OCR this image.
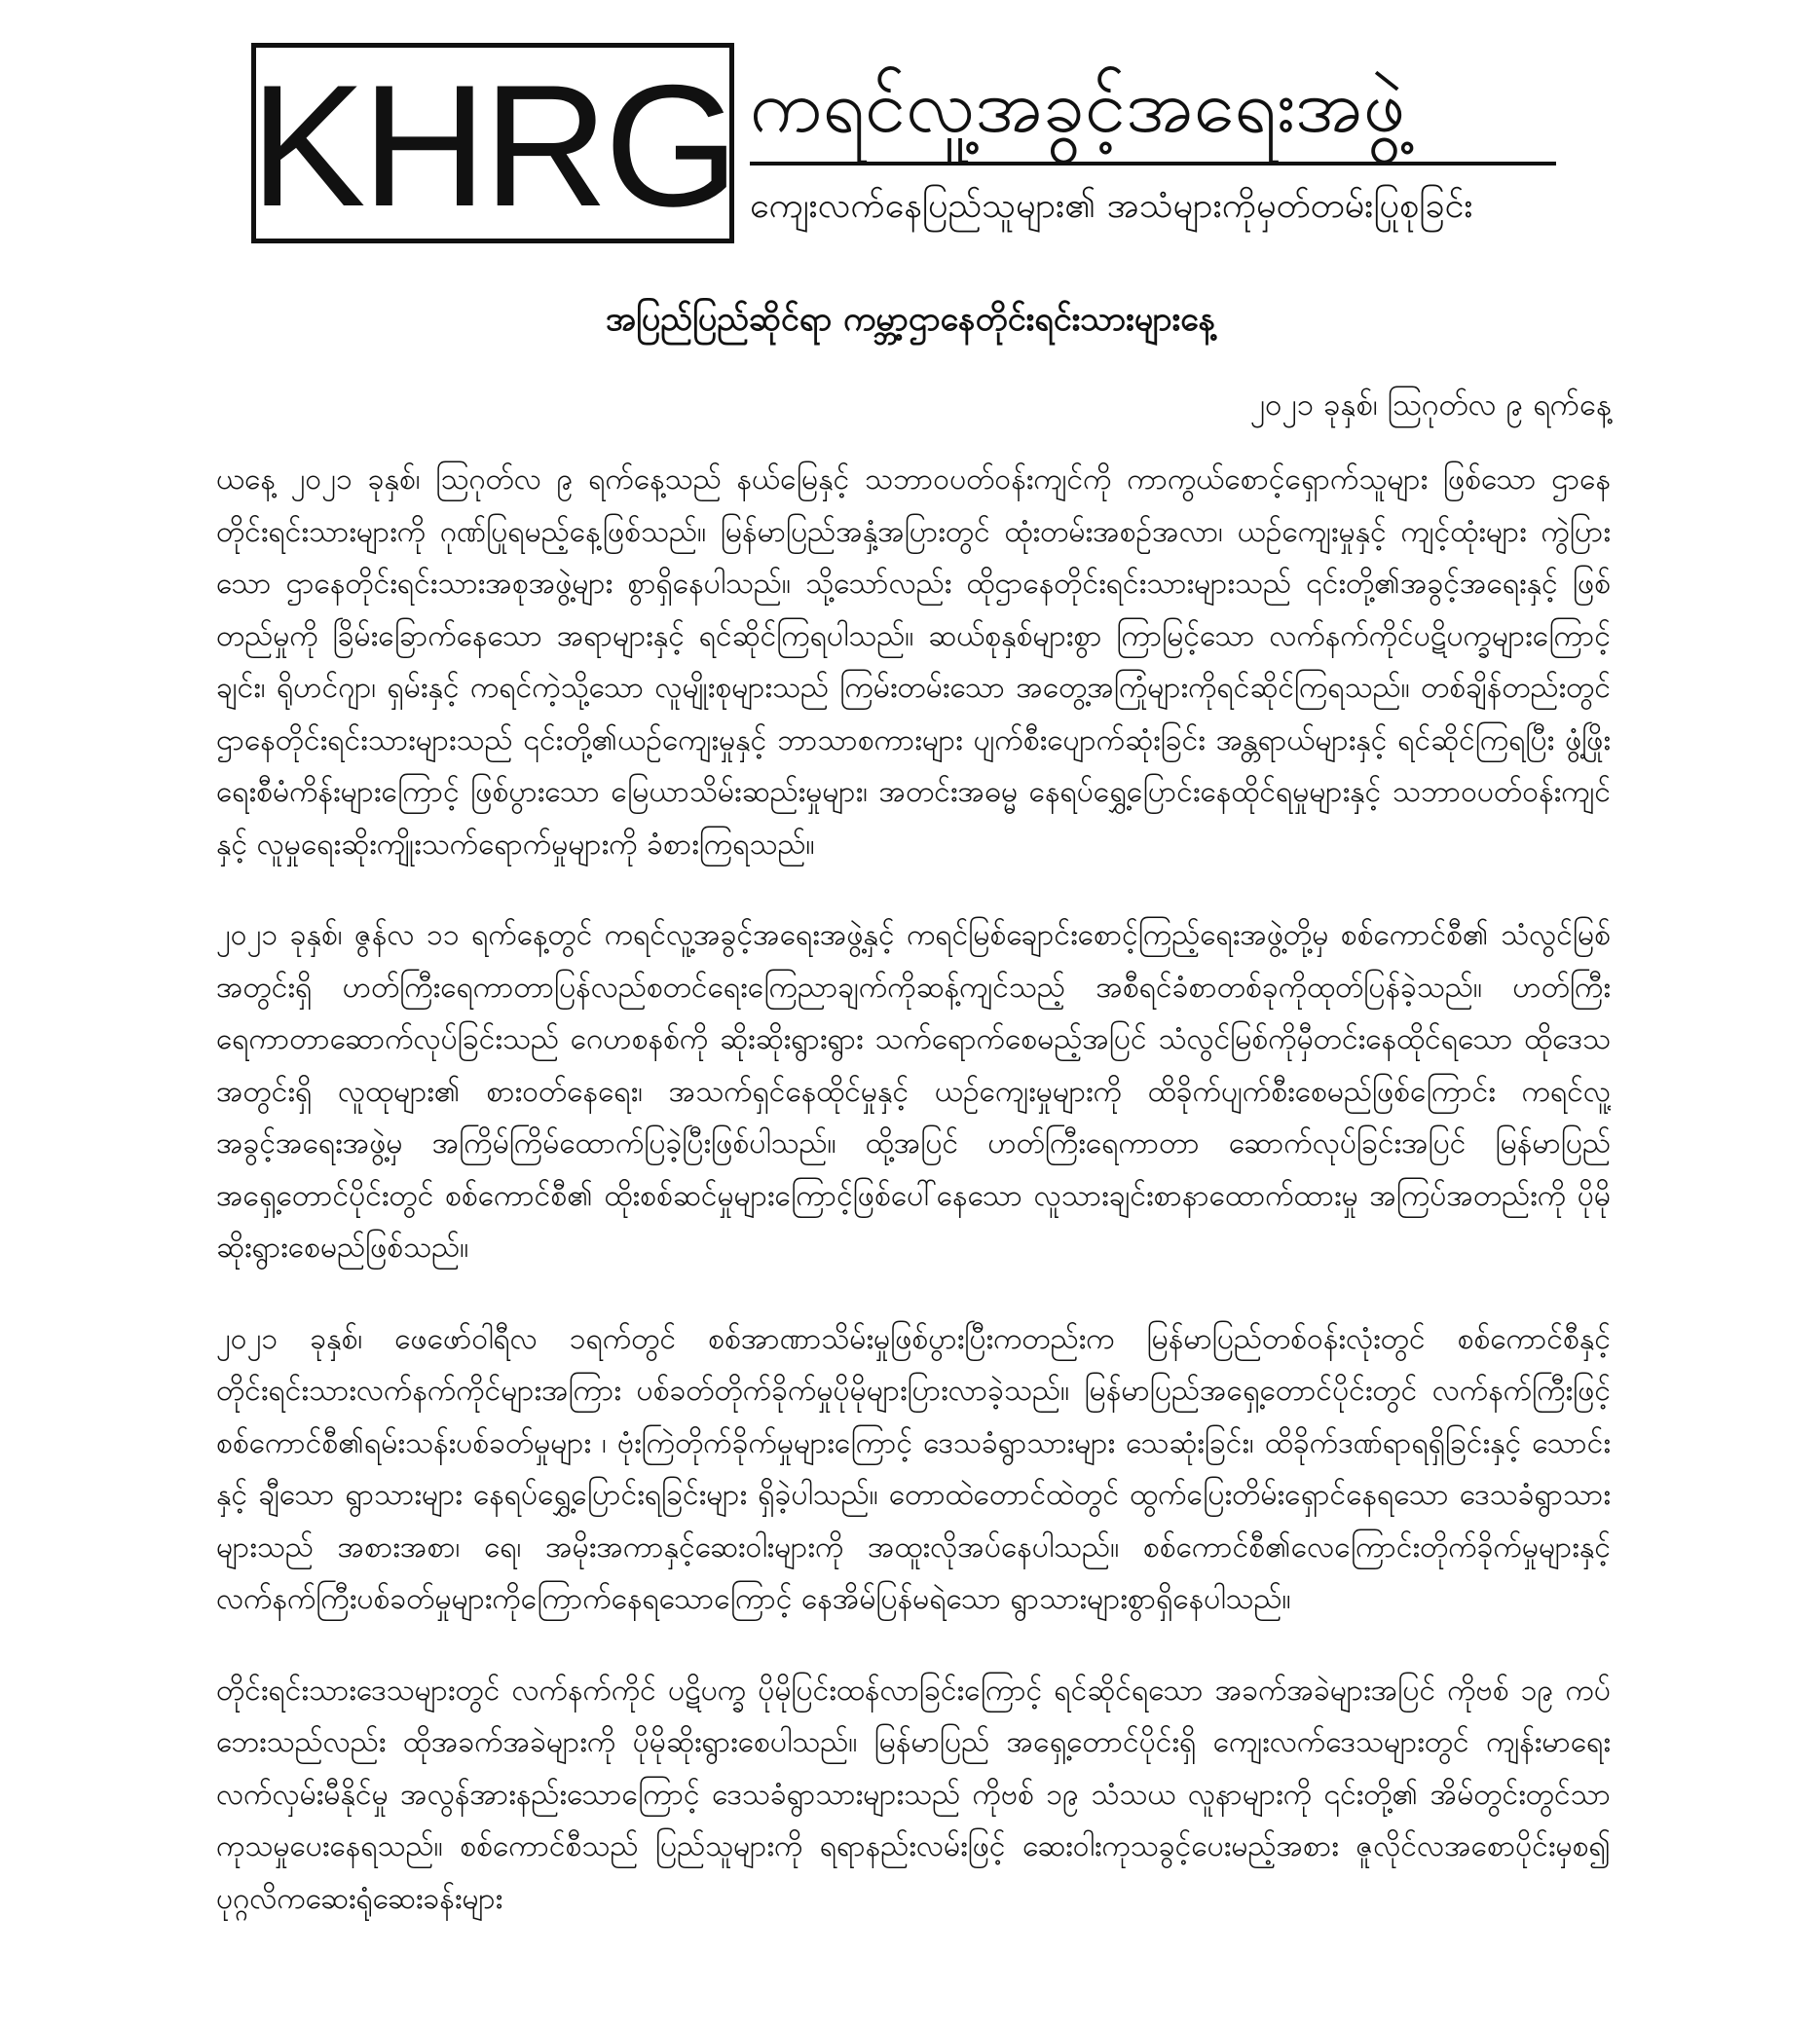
KHRG ကရင်လူ့အခွင့်အရေးအဖွဲ့
ကျေးလက်နေပြည်သူများ၏ အသံများကိုမှတ်တမ်းပြုစုခြင်း
အပြည်ပြည်ဆိုင်ရာ ကမ္ဘာ့ဌာနေတိုင်းရင်းသားများနေ့
၂၀၂၁ ခုနှစ်၊ ဩဂုတ်လ ၉ ရက်နေ့

ယနေ့ ၂၀၂၁ ခုနှစ်၊ ဩဂုတ်လ ၉ ရက်နေ့သည် နယ်မြေနှင့် သဘာဝပတ်ဝန်းကျင်ကို ကာကွယ်စောင့်ရှောက်သူများ ဖြစ်သော ဌာနေတိုင်းရင်းသားများကို ဂုဏ်ပြုရမည့်နေ့ဖြစ်သည်။ မြန်မာပြည်အနှံ့အပြားတွင် ထုံးတမ်းအစဉ်အလာ၊ ယဉ်ကျေးမှုနှင့် ကျင့်ထုံးများ ကွဲပြားသော ဌာနေတိုင်းရင်းသားအစုအဖွဲ့များ စွာရှိနေပါသည်။ သို့သော်လည်း ထိုဌာနေတိုင်းရင်းသားများသည် ၎င်းတို့၏အခွင့်အရေးနှင့် ဖြစ်တည်မှုကို ခြိမ်းခြောက်နေသော အရာများနှင့် ရင်ဆိုင်ကြရပါသည်။ ဆယ်စုနှစ်များစွာ ကြာမြင့်သော လက်နက်ကိုင်ပဋိပက္ခများကြောင့် ချင်း၊ ရိုဟင်ဂျာ၊ ရှမ်းနှင့် ကရင်ကဲ့သို့သော လူမျိုးစုများသည် ကြမ်းတမ်းသော အတွေ့အကြုံများကိုရင်ဆိုင်ကြရသည်။ တစ်ချိန်တည်းတွင် ဌာနေတိုင်းရင်းသားများသည် ၎င်းတို့၏ယဉ်ကျေးမှုနှင့် ဘာသာစကားများ ပျက်စီးပျောက်ဆုံးခြင်း အန္တရာယ်များနှင့် ရင်ဆိုင်ကြရပြီး ဖွံ့ဖြိုးရေးစီမံကိန်းများကြောင့် ဖြစ်ပွားသော မြေယာသိမ်းဆည်းမှုများ၊ အတင်းအဓမ္မ နေရပ်ရွှေ့ပြောင်းနေထိုင်ရမှုများနှင့် သဘာဝပတ်ဝန်းကျင်နှင့် လူမှုရေးဆိုးကျိုးသက်ရောက်မှုများကို ခံစားကြရသည်။

၂၀၂၁ ခုနှစ်၊ ဇွန်လ ၁၁ ရက်နေ့တွင် ကရင်လူ့အခွင့်အရေးအဖွဲ့နှင့် ကရင်မြစ်ချောင်းစောင့်ကြည့်ရေးအဖွဲ့တို့မှ စစ်ကောင်စီ၏ သံလွင်မြစ်အတွင်းရှိ ဟတ်ကြီးရေကာတာပြန်လည်စတင်ရေးကြေညာချက်ကိုဆန့်ကျင်သည့် အစီရင်ခံစာတစ်ခုကိုထုတ်ပြန်ခဲ့သည်။ ဟတ်ကြီးရေကာတာဆောက်လုပ်ခြင်းသည် ဂေဟစနစ်ကို ဆိုးဆိုးရွားရွား သက်ရောက်စေမည့်အပြင် သံလွင်မြစ်ကိုမှီတင်းနေထိုင်ရသော ထိုဒေသအတွင်းရှိ လူထုများ၏ စားဝတ်နေရေး၊ အသက်ရှင်နေထိုင်မှုနှင့် ယဉ်ကျေးမှုများကို ထိခိုက်ပျက်စီးစေမည်ဖြစ်ကြောင်း ကရင်လူ့အခွင့်အရေးအဖွဲ့မှ အကြိမ်ကြိမ်ထောက်ပြခဲ့ပြီးဖြစ်ပါသည်။ ထို့အပြင် ဟတ်ကြီးရေကာတာ ဆောက်လုပ်ခြင်းအပြင် မြန်မာပြည်အရှေ့တောင်ပိုင်းတွင် စစ်ကောင်စီ၏ ထိုးစစ်ဆင်မှုများကြောင့်ဖြစ်ပေါ်နေသော လူသားချင်းစာနာထောက်ထားမှု အကြပ်အတည်းကို ပိုမိုဆိုးရွားစေမည်ဖြစ်သည်။

၂၀၂၁ ခုနှစ်၊ ဖေဖော်ဝါရီလ ၁ရက်တွင် စစ်အာဏာသိမ်းမှုဖြစ်ပွားပြီးကတည်းက မြန်မာပြည်တစ်ဝန်းလုံးတွင် စစ်ကောင်စီနှင့် တိုင်းရင်းသားလက်နက်ကိုင်များအကြား ပစ်ခတ်တိုက်ခိုက်မှုပိုမိုများပြားလာခဲ့သည်။ မြန်မာပြည်အရှေ့တောင်ပိုင်းတွင် လက်နက်ကြီးဖြင့် စစ်ကောင်စီ၏ရမ်းသန်းပစ်ခတ်မှုများ ၊ ဗုံးကြဲတိုက်ခိုက်မှုများကြောင့် ဒေသခံရွာသားများ သေဆုံးခြင်း၊ ထိခိုက်ဒဏ်ရာရရှိခြင်းနှင့် သောင်းနှင့် ချီသော ရွာသားများ နေရပ်ရွှေ့ပြောင်းရခြင်းများ ရှိခဲ့ပါသည်။ တောထဲတောင်ထဲတွင် ထွက်ပြေးတိမ်းရှောင်နေရသော ဒေသခံရွာသားများသည် အစားအစာ၊ ရေ၊ အမိုးအကာနှင့်ဆေးဝါးများကို အထူးလိုအပ်နေပါသည်။ စစ်ကောင်စီ၏လေကြောင်းတိုက်ခိုက်မှုများနှင့် လက်နက်ကြီးပစ်ခတ်မှုများကိုကြောက်နေရသောကြောင့် နေအိမ်ပြန်မရဲသော ရွာသားများစွာရှိနေပါသည်။

တိုင်းရင်းသားဒေသများတွင် လက်နက်ကိုင် ပဋိပက္ခ ပိုမိုပြင်းထန်လာခြင်းကြောင့် ရင်ဆိုင်ရသော အခက်အခဲများအပြင် ကိုဗစ် ၁၉ ကပ်ဘေးသည်လည်း ထိုအခက်အခဲများကို ပိုမိုဆိုးရွားစေပါသည်။ မြန်မာပြည် အရှေ့တောင်ပိုင်းရှိ ကျေးလက်ဒေသများတွင် ကျန်းမာရေးလက်လှမ်းမီနိုင်မှု အလွန်အားနည်းသောကြောင့် ဒေသခံရွာသားများသည် ကိုဗစ် ၁၉ သံသယ လူနာများကို ၎င်းတို့၏ အိမ်တွင်းတွင်သာ ကုသမှုပေးနေရသည်။ စစ်ကောင်စီသည် ပြည်သူများကို ရရာနည်းလမ်းဖြင့် ဆေးဝါးကုသခွင့်ပေးမည့်အစား ဇူလိုင်လအစောပိုင်းမှစ၍ ပုဂ္ဂလိကဆေးရုံဆေးခန်းများ
